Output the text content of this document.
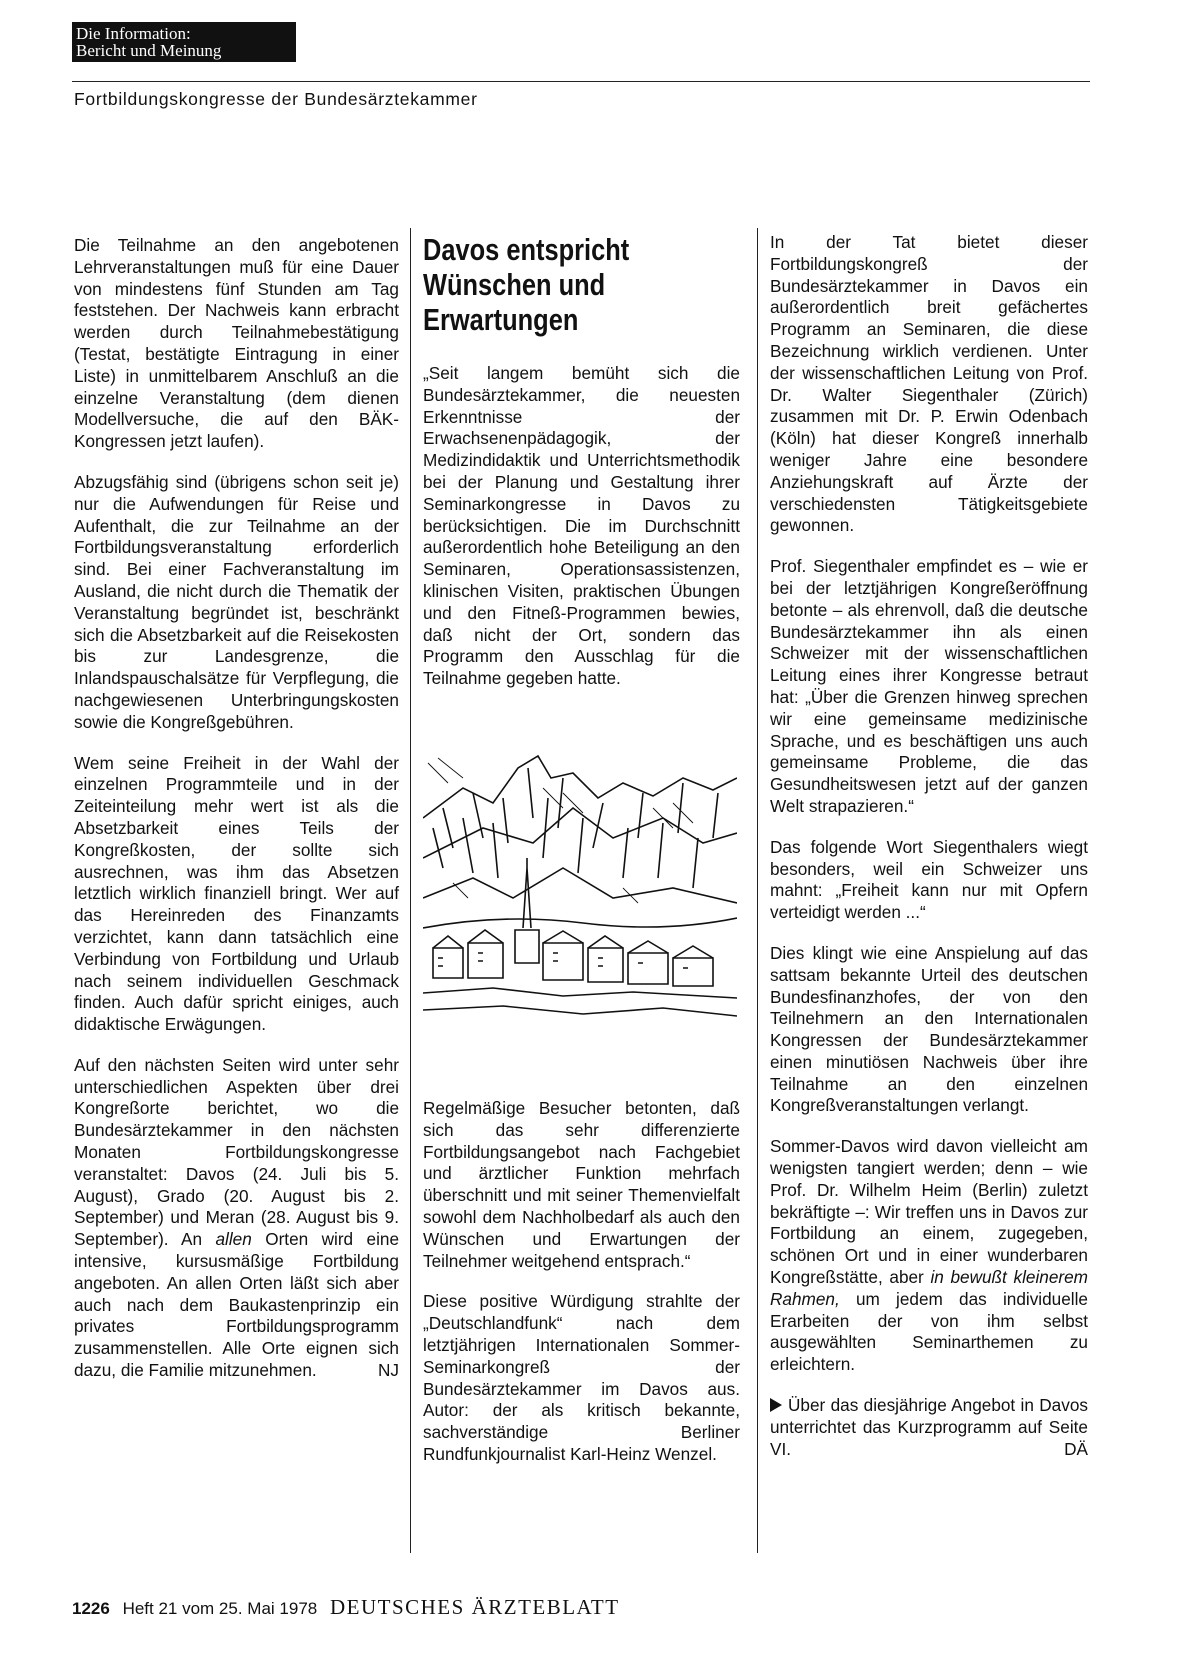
Die Information:
Bericht und Meinung
Fortbildungskongresse der Bundesärztekammer

Die Teilnahme an den angebotenen Lehrveranstaltungen muß für eine Dauer von mindestens fünf Stunden am Tag feststehen. Der Nachweis kann erbracht werden durch Teilnahmebestätigung (Testat, bestätigte Eintragung in einer Liste) in unmittelbarem Anschluß an die einzelne Veranstaltung (dem dienen Modellversuche, die auf den BÄK-Kongressen jetzt laufen).

Abzugsfähig sind (übrigens schon seit je) nur die Aufwendungen für Reise und Aufenthalt, die zur Teilnahme an der Fortbildungsveranstaltung erforderlich sind. Bei einer Fachveranstaltung im Ausland, die nicht durch die Thematik der Veranstaltung begründet ist, beschränkt sich die Absetzbarkeit auf die Reisekosten bis zur Landesgrenze, die Inlandspauschalsätze für Verpflegung, die nachgewiesenen Unterbringungskosten sowie die Kongreßgebühren.

Wem seine Freiheit in der Wahl der einzelnen Programmteile und in der Zeiteinteilung mehr wert ist als die Absetzbarkeit eines Teils der Kongreßkosten, der sollte sich ausrechnen, was ihm das Absetzen letztlich wirklich finanziell bringt. Wer auf das Hereinreden des Finanzamts verzichtet, kann dann tatsächlich eine Verbindung von Fortbildung und Urlaub nach seinem individuellen Geschmack finden. Auch dafür spricht einiges, auch didaktische Erwägungen.

Auf den nächsten Seiten wird unter sehr unterschiedlichen Aspekten über drei Kongreßorte berichtet, wo die Bundesärztekammer in den nächsten Monaten Fortbildungskongresse veranstaltet: Davos (24. Juli bis 5. August), Grado (20. August bis 2. September) und Meran (28. August bis 9. September). An allen Orten wird eine intensive, kursusmäßige Fortbildung angeboten. An allen Orten läßt sich aber auch nach dem Baukastenprinzip ein privates Fortbildungsprogramm zusammenstellen. Alle Orte eignen sich dazu, die Familie mitzunehmen.	NJ

Davos entspricht Wünschen und Erwartungen

„Seit langem bemüht sich die Bundesärztekammer, die neuesten Erkenntnisse der Erwachsenenpädagogik, der Medizindidaktik und Unterrichtsmethodik bei der Planung und Gestaltung ihrer Seminarkongresse in Davos zu berücksichtigen. Die im Durchschnitt außerordentlich hohe Beteiligung an den Seminaren, Operationsassistenzen, klinischen Visiten, praktischen Übungen und den Fitneß-Programmen bewies, daß nicht der Ort, sondern das Programm den Ausschlag für die Teilnahme gegeben hatte.

Regelmäßige Besucher betonten, daß sich das sehr differenzierte Fortbildungsangebot nach Fachgebiet und ärztlicher Funktion mehrfach überschnitt und mit seiner Themenvielfalt sowohl dem Nachholbedarf als auch den Wünschen und Erwartungen der Teilnehmer weitgehend entsprach.“

Diese positive Würdigung strahlte der „Deutschlandfunk“ nach dem letztjährigen Internationalen Sommer-Seminarkongreß der Bundesärztekammer im Davos aus. Autor: der als kritisch bekannte, sachverständige Berliner Rundfunkjournalist Karl-Heinz Wenzel.

In der Tat bietet dieser Fortbildungskongreß der Bundesärztekammer in Davos ein außerordentlich breit gefächertes Programm an Seminaren, die diese Bezeichnung wirklich verdienen. Unter der wissenschaftlichen Leitung von Prof. Dr. Walter Siegenthaler (Zürich) zusammen mit Dr. P. Erwin Odenbach (Köln) hat dieser Kongreß innerhalb weniger Jahre eine besondere Anziehungskraft auf Ärzte der verschiedensten Tätigkeitsgebiete gewonnen.

Prof. Siegenthaler empfindet es – wie er bei der letztjährigen Kongreßeröffnung betonte – als ehrenvoll, daß die deutsche Bundesärztekammer ihn als einen Schweizer mit der wissenschaftlichen Leitung eines ihrer Kongresse betraut hat: „Über die Grenzen hinweg sprechen wir eine gemeinsame medizinische Sprache, und es beschäftigen uns auch gemeinsame Probleme, die das Gesundheitswesen jetzt auf der ganzen Welt strapazieren.“

Das folgende Wort Siegenthalers wiegt besonders, weil ein Schweizer uns mahnt: „Freiheit kann nur mit Opfern verteidigt werden ...“

Dies klingt wie eine Anspielung auf das sattsam bekannte Urteil des deutschen Bundesfinanzhofes, der von den Teilnehmern an den Internationalen Kongressen der Bundesärztekammer einen minutiösen Nachweis über ihre Teilnahme an den einzelnen Kongreßveranstaltungen verlangt.

Sommer-Davos wird davon vielleicht am wenigsten tangiert werden; denn – wie Prof. Dr. Wilhelm Heim (Berlin) zuletzt bekräftigte –: Wir treffen uns in Davos zur Fortbildung an einem, zugegeben, schönen Ort und in einer wunderbaren Kongreßstätte, aber in bewußt kleinerem Rahmen, um jedem das individuelle Erarbeiten der von ihm selbst ausgewählten Seminarthemen zu erleichtern.

Über das diesjährige Angebot in Davos unterrichtet das Kurzprogramm auf Seite VI.	DÄ

1226 Heft 21 vom 25. Mai 1978 DEUTSCHES ÄRZTEBLATT
